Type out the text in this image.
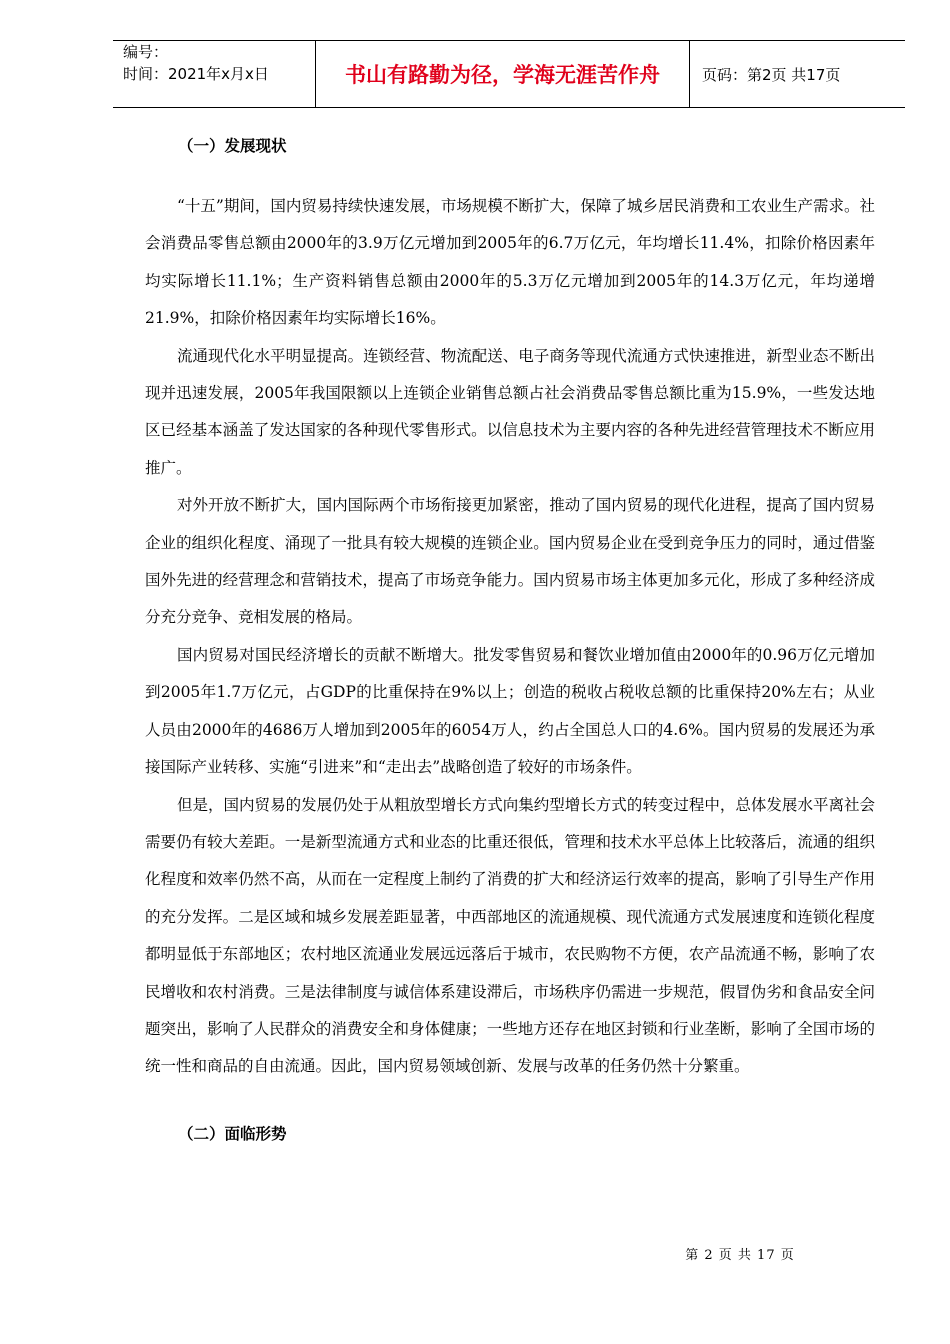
编号：
时间：2021年x月x日	书山有路勤为径，学海无涯苦作舟	页码：第2页 共17页
（一）发展现状

“十五”期间，国内贸易持续快速发展，市场规模不断扩大，保障了城乡居民消费和工农业生产需求。社会消费品零售总额由2000年的3.9万亿元增加到2005年的6.7万亿元，年均增长11.4%，扣除价格因素年均实际增长11.1%；生产资料销售总额由2000年的5.3万亿元增加到2005年的14.3万亿元，年均递增21.9%，扣除价格因素年均实际增长16%。

流通现代化水平明显提高。连锁经营、物流配送、电子商务等现代流通方式快速推进，新型业态不断出现并迅速发展，2005年我国限额以上连锁企业销售总额占社会消费品零售总额比重为15.9%，一些发达地区已经基本涵盖了发达国家的各种现代零售形式。以信息技术为主要内容的各种先进经营管理技术不断应用推广。

对外开放不断扩大，国内国际两个市场衔接更加紧密，推动了国内贸易的现代化进程，提高了国内贸易企业的组织化程度、涌现了一批具有较大规模的连锁企业。国内贸易企业在受到竞争压力的同时，通过借鉴国外先进的经营理念和营销技术，提高了市场竞争能力。国内贸易市场主体更加多元化，形成了多种经济成分充分竞争、竞相发展的格局。

国内贸易对国民经济增长的贡献不断增大。批发零售贸易和餐饮业增加值由2000年的0.96万亿元增加到2005年1.7万亿元，占GDP的比重保持在9%以上；创造的税收占税收总额的比重保持20%左右；从业人员由2000年的4686万人增加到2005年的6054万人，约占全国总人口的4.6%。国内贸易的发展还为承接国际产业转移、实施“引进来”和“走出去”战略创造了较好的市场条件。

但是，国内贸易的发展仍处于从粗放型增长方式向集约型增长方式的转变过程中，总体发展水平离社会需要仍有较大差距。一是新型流通方式和业态的比重还很低，管理和技术水平总体上比较落后，流通的组织化程度和效率仍然不高，从而在一定程度上制约了消费的扩大和经济运行效率的提高，影响了引导生产作用的充分发挥。二是区域和城乡发展差距显著，中西部地区的流通规模、现代流通方式发展速度和连锁化程度都明显低于东部地区；农村地区流通业发展远远落后于城市，农民购物不方便，农产品流通不畅，影响了农民增收和农村消费。三是法律制度与诚信体系建设滞后，市场秩序仍需进一步规范，假冒伪劣和食品安全问题突出，影响了人民群众的消费安全和身体健康；一些地方还存在地区封锁和行业垄断，影响了全国市场的统一性和商品的自由流通。因此，国内贸易领域创新、发展与改革的任务仍然十分繁重。

（二）面临形势
第 2 页 共 17 页
